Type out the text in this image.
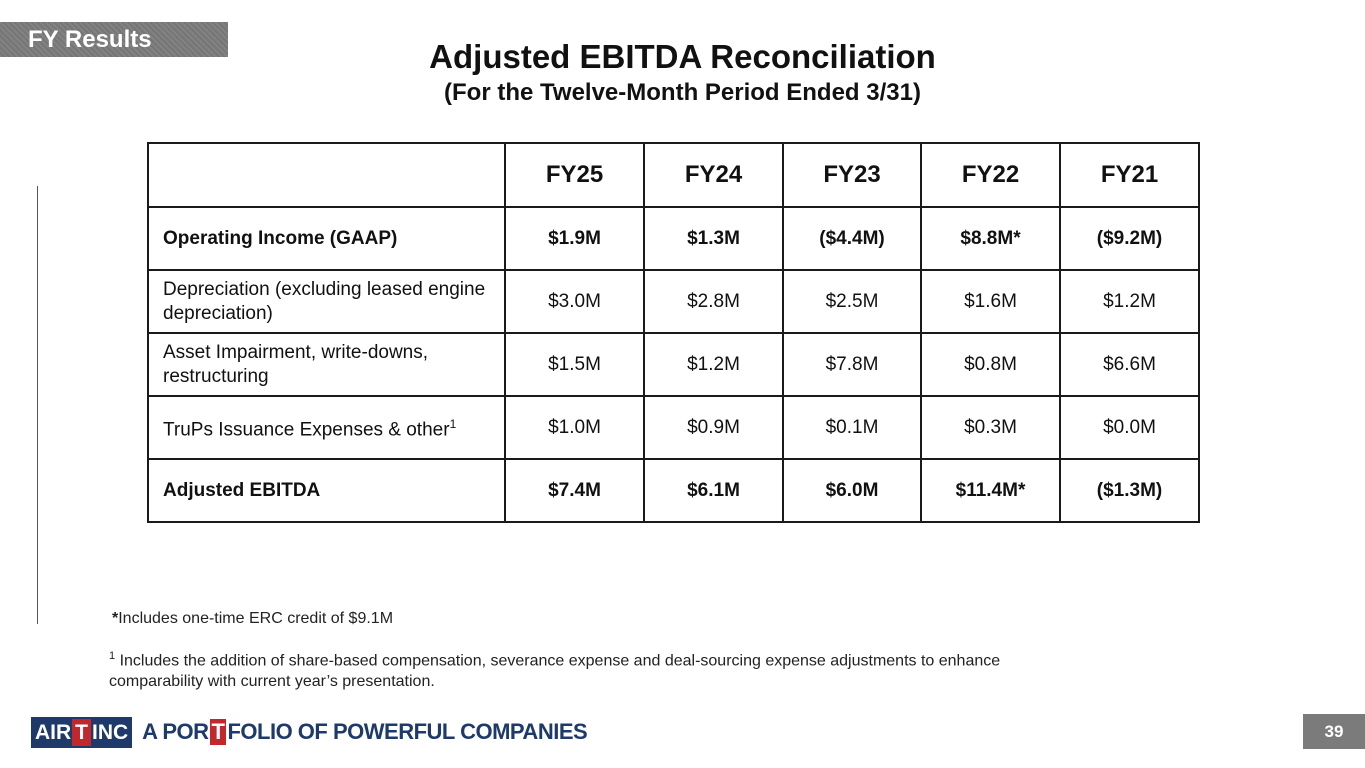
FY Results	Adjusted EBITDA Reconciliation
(For the Twelve-Month Period Ended 3/31)
	FY25	FY24	FY23	FY22	FY21
Operating Income (GAAP)	$1.9M	$1.3M	($4.4M)	$8.8M*	($9.2M)
Depreciation (excluding leased engine depreciation)	$3.0M	$2.8M	$2.5M	$1.6M	$1.2M
Asset Impairment, write-downs, restructuring	$1.5M	$1.2M	$7.8M	$0.8M	$6.6M
TruPs Issuance Expenses & other$^1$	$1.0M	$0.9M	$0.1M	$0.3M	$0.0M
Adjusted EBITDA	$7.4M	$6.1M	$6.0M	$11.4M*	($1.3M)
*Includes one-time ERC credit of $9.1M
$^1$ Includes the addition of share-based compensation, severance expense and deal-sourcing expense adjustments to enhance comparability with current year’s presentation.
AIR T INC A POR T FOLIO OF POWERFUL COMPANIES	39
